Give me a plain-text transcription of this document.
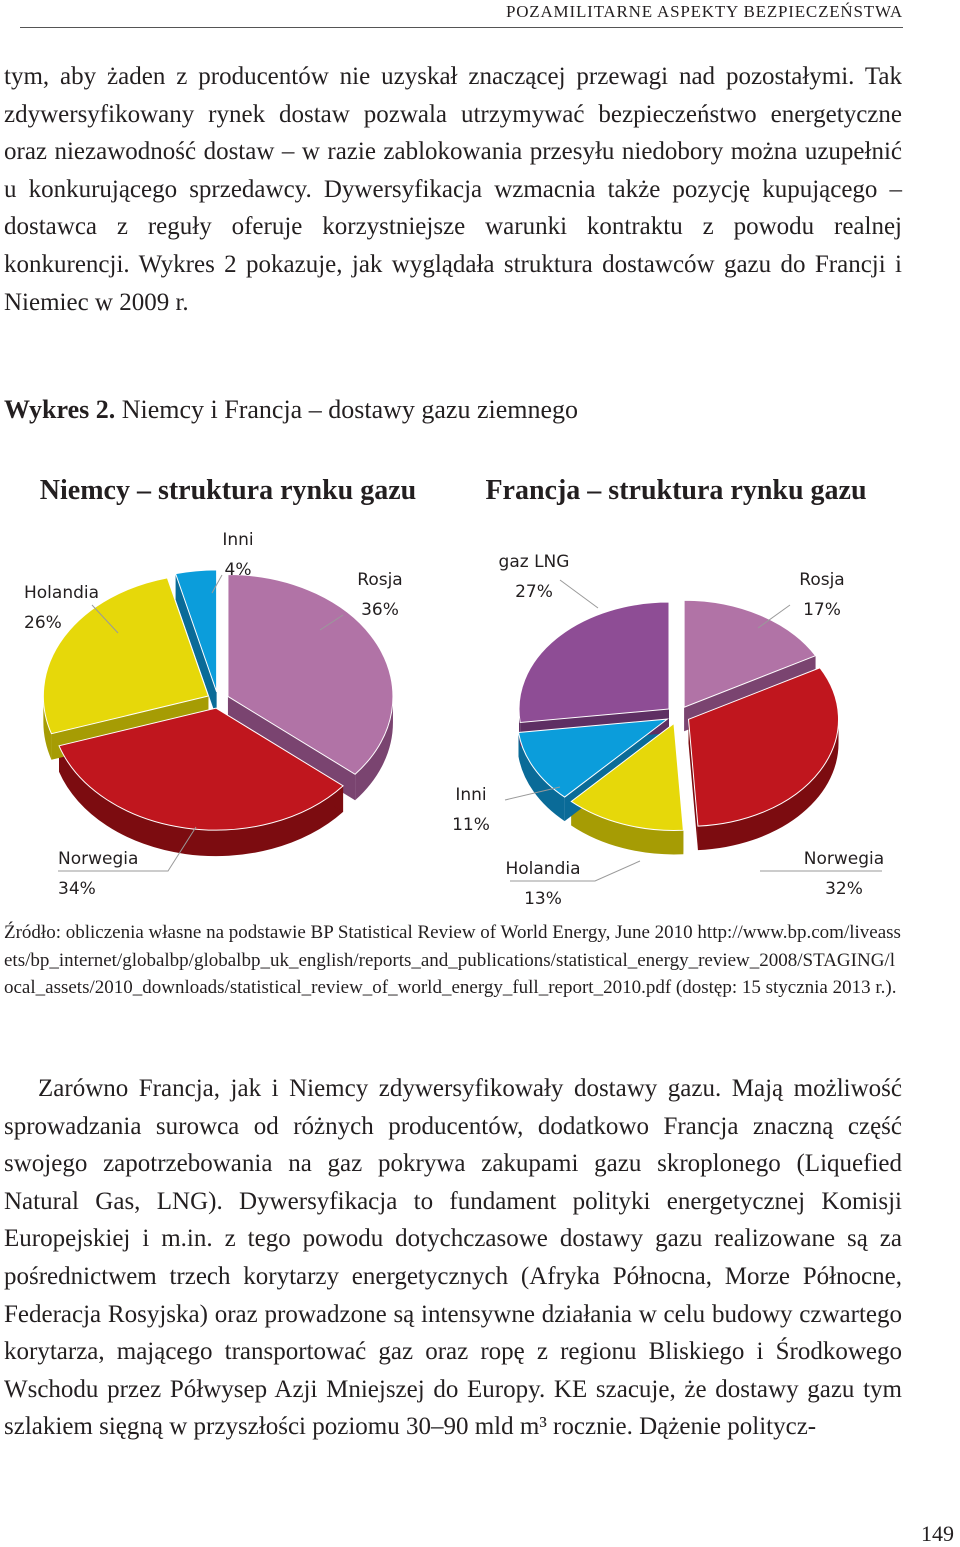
POZAMILITARNE ASPEKTY BEZPIECZEŃSTWA

tym, aby żaden z producentów nie uzyskał znaczącej przewagi nad pozostałymi. Tak zdywersyfikowany rynek dostaw pozwala utrzymywać bezpieczeństwo energetyczne oraz niezawodność dostaw – w razie zablokowania przesyłu niedobory można uzupełnić u konkurującego sprzedawcy. Dywersyfikacja wzmacnia także pozycję kupującego – dostawca z reguły oferuje korzystniejsze warunki kontraktu z powodu realnej konkurencji. Wykres 2 pokazuje, jak wyglądała struktura dostawców gazu do Francji i Niemiec w 2009 r.

Wykres 2. Niemcy i Francja – dostawy gazu ziemnego
Niemcy – struktura rynku gazu Francja – struktura rynku gazu
Rosja
36%
Norwegia
34%
Holandia
26%
Inni
4%	Rosja
17%
Norwegia
32%
Holandia
13%
Inni
11%
gaz LNG
27%

Źródło: obliczenia własne na podstawie BP Statistical Review of World Energy, June 2010 http://www.bp.com/liveassets/bp_internet/globalbp/globalbp_uk_english/reports_and_publications/statistical_energy_review_2008/STAGING/local_assets/2010_downloads/statistical_review_of_world_energy_full_report_2010.pdf (dostęp: 15 stycznia 2013 r.).

Zarówno Francja, jak i Niemcy zdywersyfikowały dostawy gazu. Mają możliwość sprowadzania surowca od różnych producentów, dodatkowo Francja znaczną część swojego zapotrzebowania na gaz pokrywa zakupami gazu skroplonego (Liquefied Natural Gas, LNG). Dywersyfikacja to fundament polityki energetycznej Komisji Europejskiej i m.in. z tego powodu dotychczasowe dostawy gazu realizowane są za pośrednictwem trzech korytarzy energetycznych (Afryka Północna, Morze Północne, Federacja Rosyjska) oraz prowadzone są intensywne działania w celu budowy czwartego korytarza, mającego transportować gaz oraz ropę z regionu Bliskiego i Środkowego Wschodu przez Półwysep Azji Mniejszej do Europy. KE szacuje, że dostawy gazu tym szlakiem sięgną w przyszłości poziomu 30–90 mld m³ rocznie. Dążenie politycz-

149
